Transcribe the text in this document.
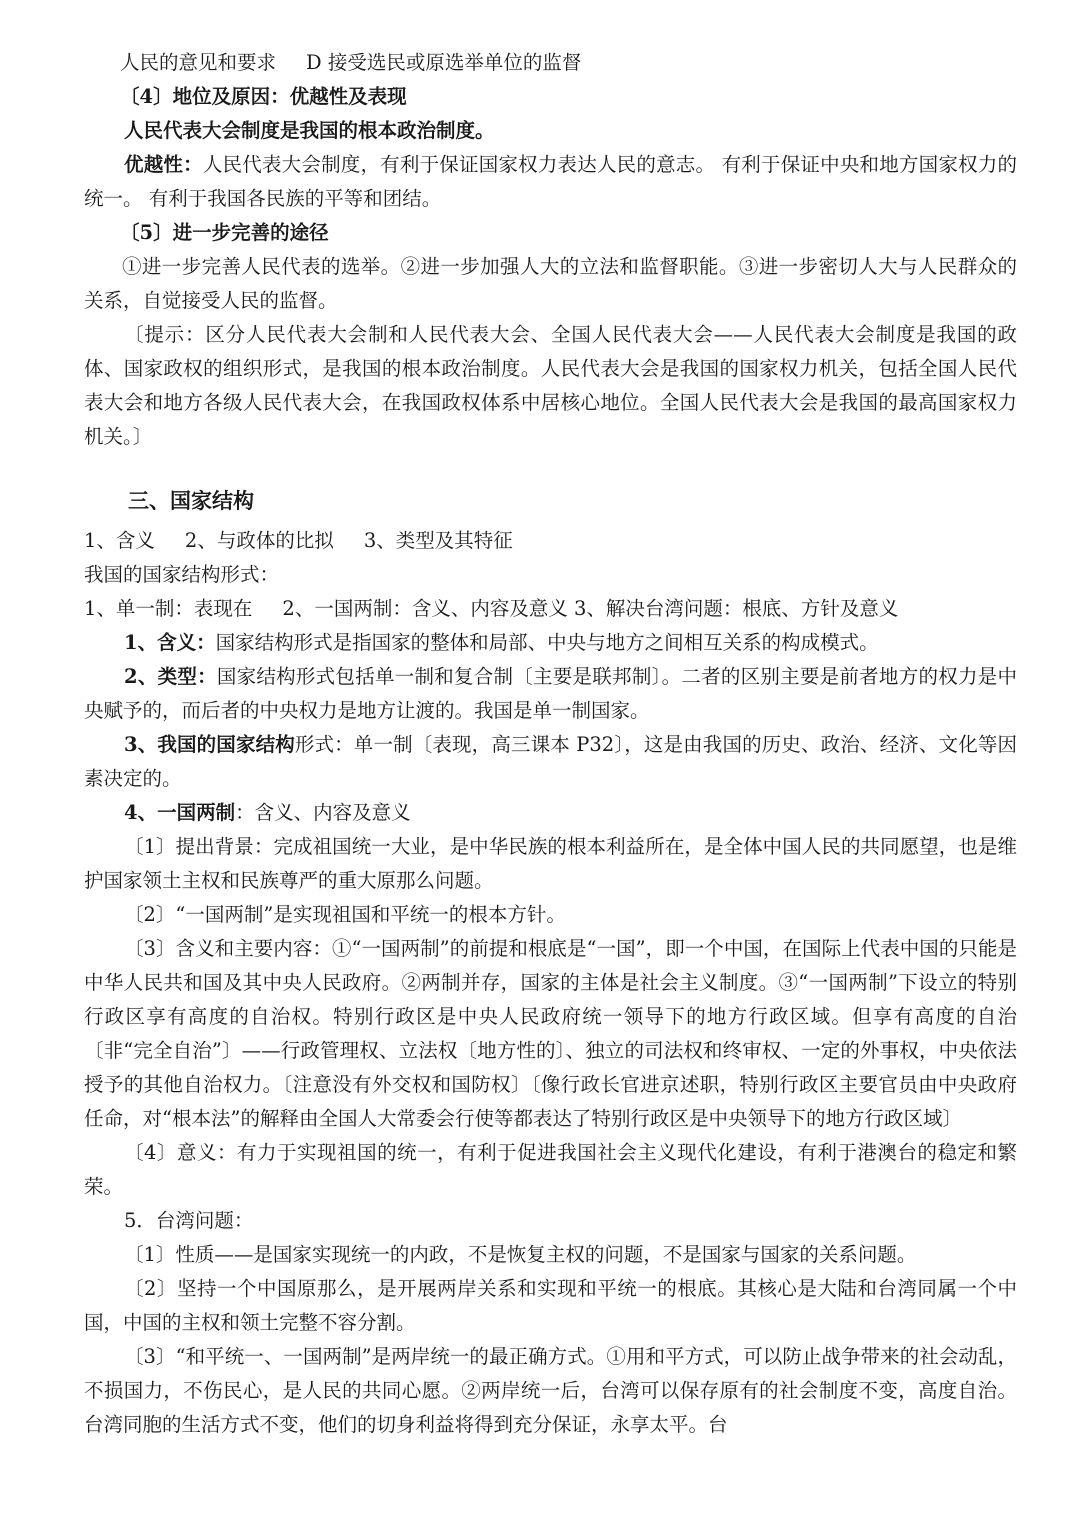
人民的意见和要求 D 接受选民或原选举单位的监督

〔4〕地位及原因：优越性及表现

人民代表大会制度是我国的根本政治制度。

优越性：人民代表大会制度，有利于保证国家权力表达人民的意志。 有利于保证中央和地方国家权力的统一。 有利于我国各民族的平等和团结。

〔5〕进一步完善的途径

①进一步完善人民代表的选举。②进一步加强人大的立法和监督职能。③进一步密切人大与人民群众的关系，自觉接受人民的监督。

〔提示：区分人民代表大会制和人民代表大会、全国人民代表大会——人民代表大会制度是我国的政体、国家政权的组织形式，是我国的根本政治制度。人民代表大会是我国的国家权力机关，包括全国人民代表大会和地方各级人民代表大会，在我国政权体系中居核心地位。全国人民代表大会是我国的最高国家权力机关。〕

三、国家结构

1、含义 2、与政体的比拟 3、类型及其特征

我国的国家结构形式：

1、单一制：表现在 2、一国两制：含义、内容及意义 3、解决台湾问题：根底、方针及意义

1、含义：国家结构形式是指国家的整体和局部、中央与地方之间相互关系的构成模式。

2、类型：国家结构形式包括单一制和复合制〔主要是联邦制〕。二者的区别主要是前者地方的权力是中央赋予的，而后者的中央权力是地方让渡的。我国是单一制国家。

3、我国的国家结构形式：单一制〔表现，高三课本 P32〕，这是由我国的历史、政治、经济、文化等因素决定的。

4、一国两制：含义、内容及意义

〔1〕提出背景：完成祖国统一大业，是中华民族的根本利益所在，是全体中国人民的共同愿望，也是维护国家领土主权和民族尊严的重大原那么问题。

〔2〕“一国两制”是实现祖国和平统一的根本方针。

〔3〕含义和主要内容：①“一国两制”的前提和根底是“一国”，即一个中国，在国际上代表中国的只能是中华人民共和国及其中央人民政府。②两制并存，国家的主体是社会主义制度。③“一国两制”下设立的特别行政区享有高度的自治权。特别行政区是中央人民政府统一领导下的地方行政区域。但享有高度的自治〔非“完全自治”〕——行政管理权、立法权〔地方性的〕、独立的司法权和终审权、一定的外事权，中央依法授予的其他自治权力。〔注意没有外交权和国防权〕〔像行政长官进京述职，特别行政区主要官员由中央政府任命，对“根本法”的解释由全国人大常委会行使等都表达了特别行政区是中央领导下的地方行政区域〕

〔4〕意义：有力于实现祖国的统一，有利于促进我国社会主义现代化建设，有利于港澳台的稳定和繁荣。

5．台湾问题：

〔1〕性质——是国家实现统一的内政，不是恢复主权的问题，不是国家与国家的关系问题。

〔2〕坚持一个中国原那么，是开展两岸关系和实现和平统一的根底。其核心是大陆和台湾同属一个中国，中国的主权和领土完整不容分割。

〔3〕“和平统一、一国两制”是两岸统一的最正确方式。①用和平方式，可以防止战争带来的社会动乱，不损国力，不伤民心，是人民的共同心愿。②两岸统一后，台湾可以保存原有的社会制度不变，高度自治。台湾同胞的生活方式不变，他们的切身利益将得到充分保证，永享太平。台
